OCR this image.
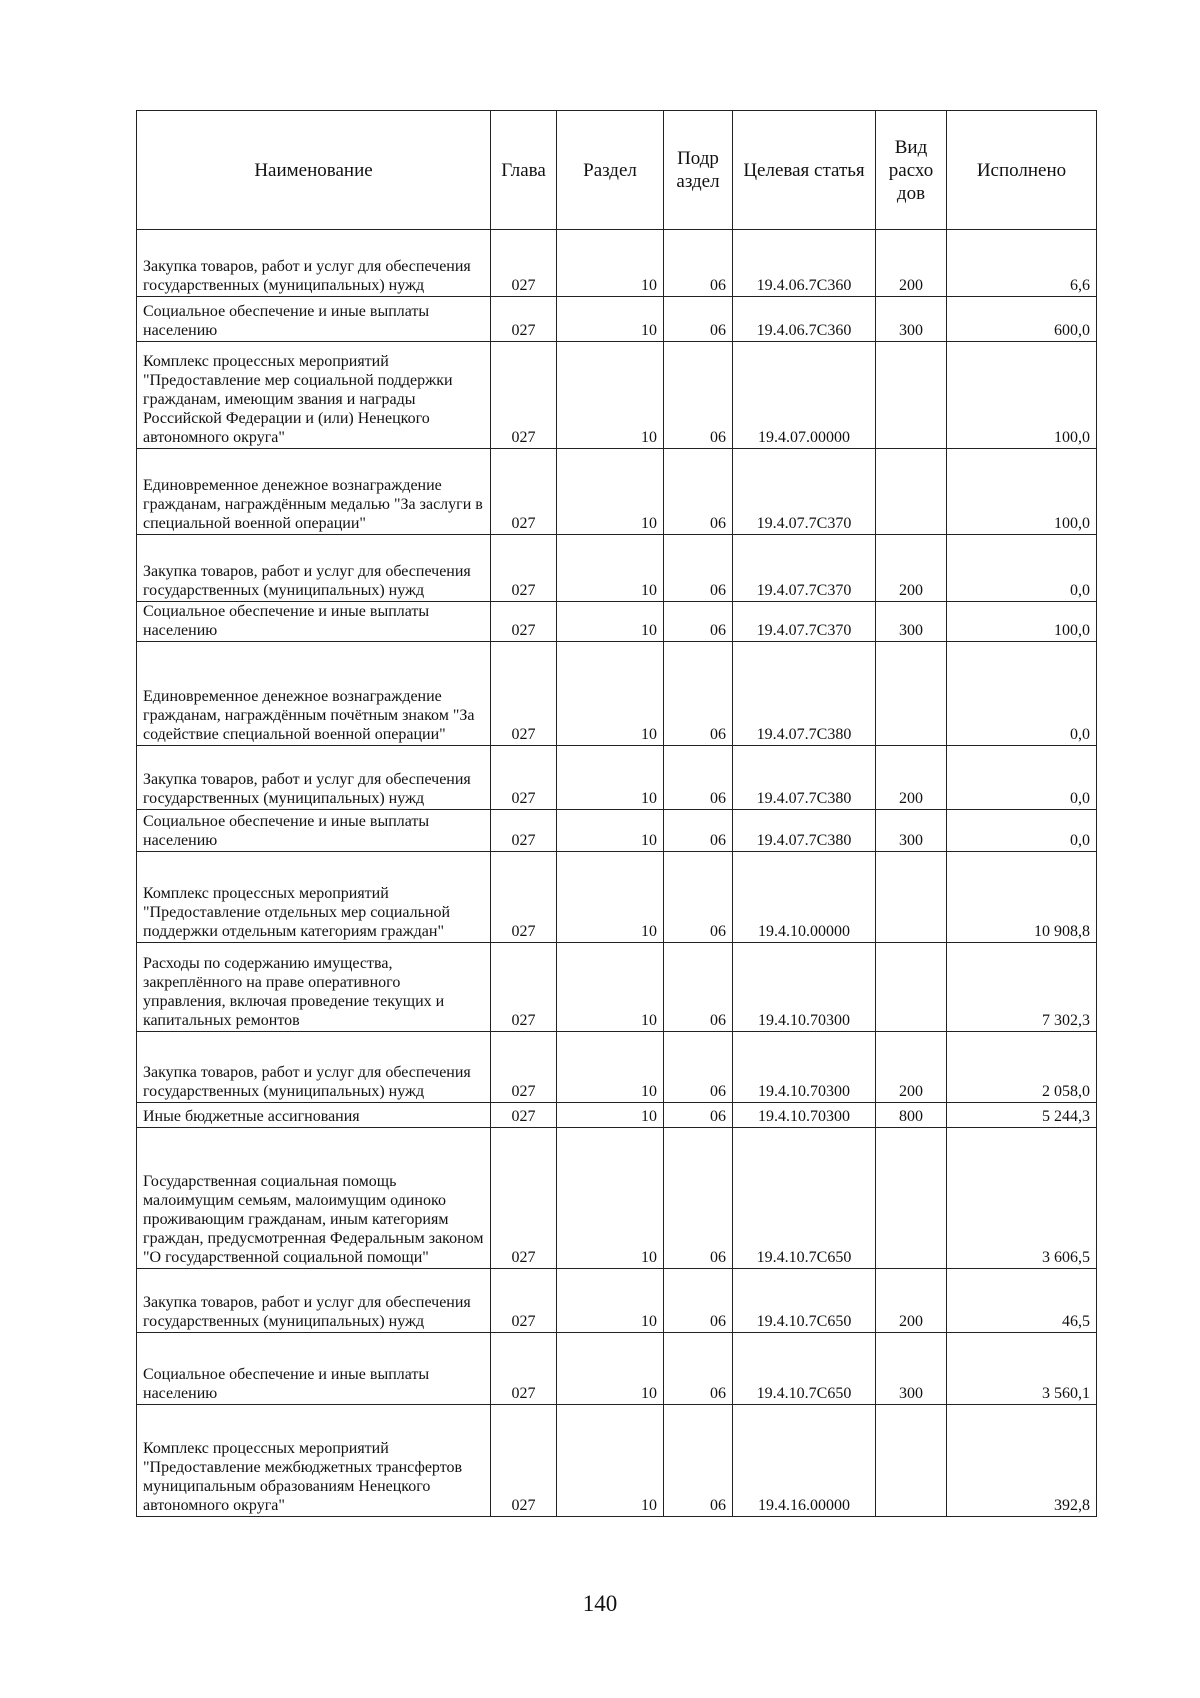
Наименование	Глава	Раздел	Подр аздел	Целевая статья	Вид расхо дов	Исполнено
Закупка товаров, работ и услуг для обеспечения государственных (муниципальных) нужд	027	10	06	19.4.06.7С360	200	6,6
Социальное обеспечение и иные выплаты населению	027	10	06	19.4.06.7С360	300	600,0
Комплекс процессных мероприятий "Предоставление мер социальной поддержки гражданам, имеющим звания и награды Российской Федерации и (или) Ненецкого автономного округа"	027	10	06	19.4.07.00000		100,0
Единовременное денежное вознаграждение гражданам, награждённым медалью "За заслуги в специальной военной операции"	027	10	06	19.4.07.7С370		100,0
Закупка товаров, работ и услуг для обеспечения государственных (муниципальных) нужд	027	10	06	19.4.07.7С370	200	0,0
Социальное обеспечение и иные выплаты населению	027	10	06	19.4.07.7С370	300	100,0
Единовременное денежное вознаграждение гражданам, награждённым почётным знаком "За содействие специальной военной операции"	027	10	06	19.4.07.7С380		0,0
Закупка товаров, работ и услуг для обеспечения государственных (муниципальных) нужд	027	10	06	19.4.07.7С380	200	0,0
Социальное обеспечение и иные выплаты населению	027	10	06	19.4.07.7С380	300	0,0
Комплекс процессных мероприятий "Предоставление отдельных мер социальной поддержки отдельным категориям граждан"	027	10	06	19.4.10.00000		10 908,8
Расходы по содержанию имущества, закреплённого на праве оперативного управления, включая проведение текущих и капитальных ремонтов	027	10	06	19.4.10.70300		7 302,3
Закупка товаров, работ и услуг для обеспечения государственных (муниципальных) нужд	027	10	06	19.4.10.70300	200	2 058,0
Иные бюджетные ассигнования	027	10	06	19.4.10.70300	800	5 244,3
Государственная социальная помощь малоимущим семьям, малоимущим одиноко проживающим гражданам, иным категориям граждан, предусмотренная Федеральным законом "О государственной социальной помощи"	027	10	06	19.4.10.7С650		3 606,5
Закупка товаров, работ и услуг для обеспечения государственных (муниципальных) нужд	027	10	06	19.4.10.7С650	200	46,5
Социальное обеспечение и иные выплаты населению	027	10	06	19.4.10.7С650	300	3 560,1
Комплекс процессных мероприятий "Предоставление межбюджетных трансфертов муниципальным образованиям Ненецкого автономного округа"	027	10	06	19.4.16.00000		392,8
140
